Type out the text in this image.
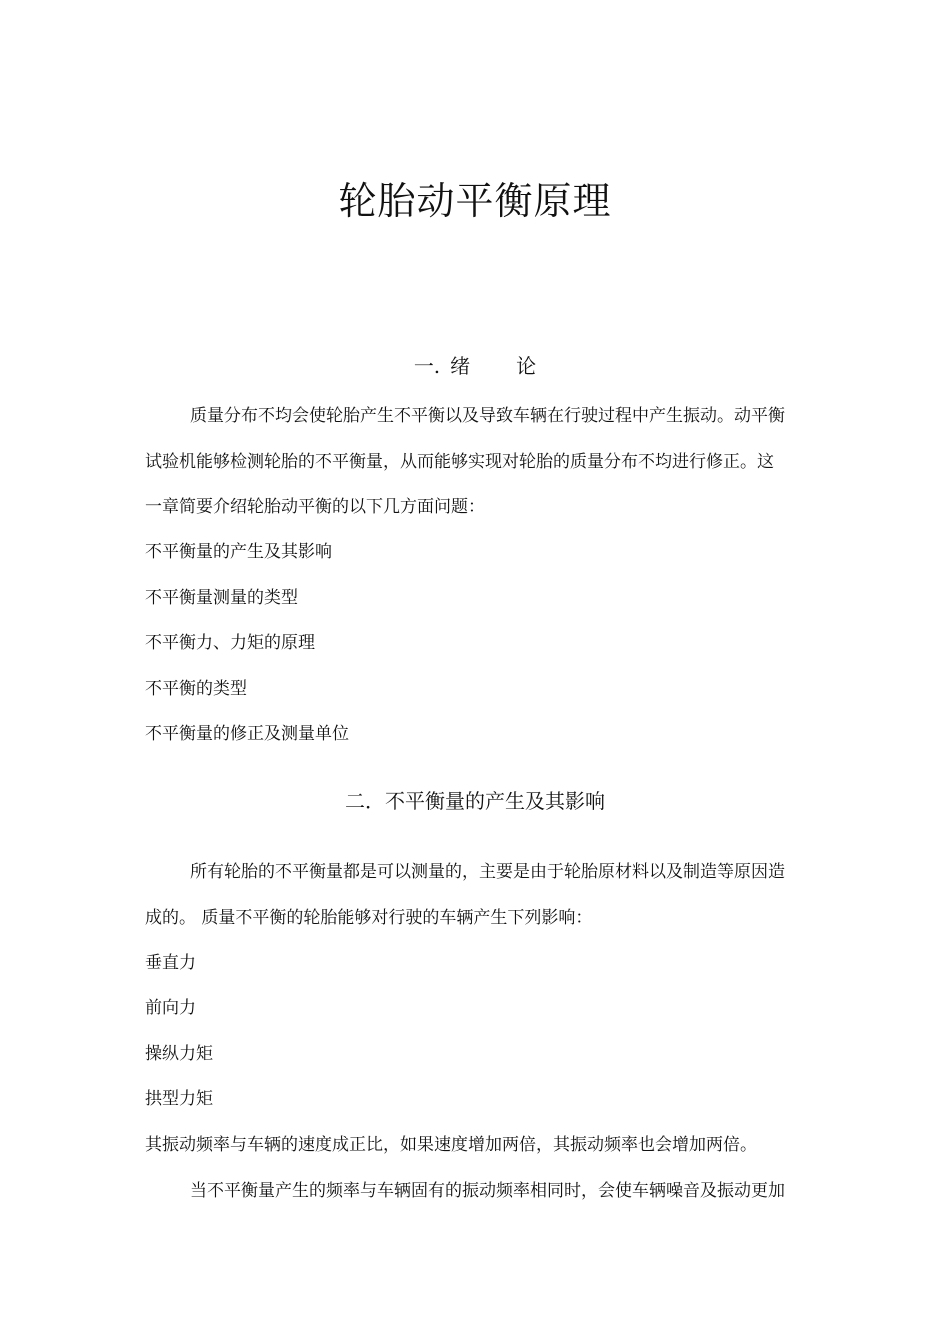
轮胎动平衡原理
一. 绪 论

质量分布不均会使轮胎产生不平衡以及导致车辆在行驶过程中产生振动。动平衡

试验机能够检测轮胎的不平衡量，从而能够实现对轮胎的质量分布不均进行修正。这

一章简要介绍轮胎动平衡的以下几方面问题：

不平衡量的产生及其影响

不平衡量测量的类型

不平衡力、力矩的原理

不平衡的类型

不平衡量的修正及测量单位

二．不平衡量的产生及其影响

所有轮胎的不平衡量都是可以测量的，主要是由于轮胎原材料以及制造等原因造

成的。 质量不平衡的轮胎能够对行驶的车辆产生下列影响：

垂直力

前向力

操纵力矩

拱型力矩

其振动频率与车辆的速度成正比，如果速度增加两倍，其振动频率也会增加两倍。

当不平衡量产生的频率与车辆固有的振动频率相同时，会使车辆噪音及振动更加
